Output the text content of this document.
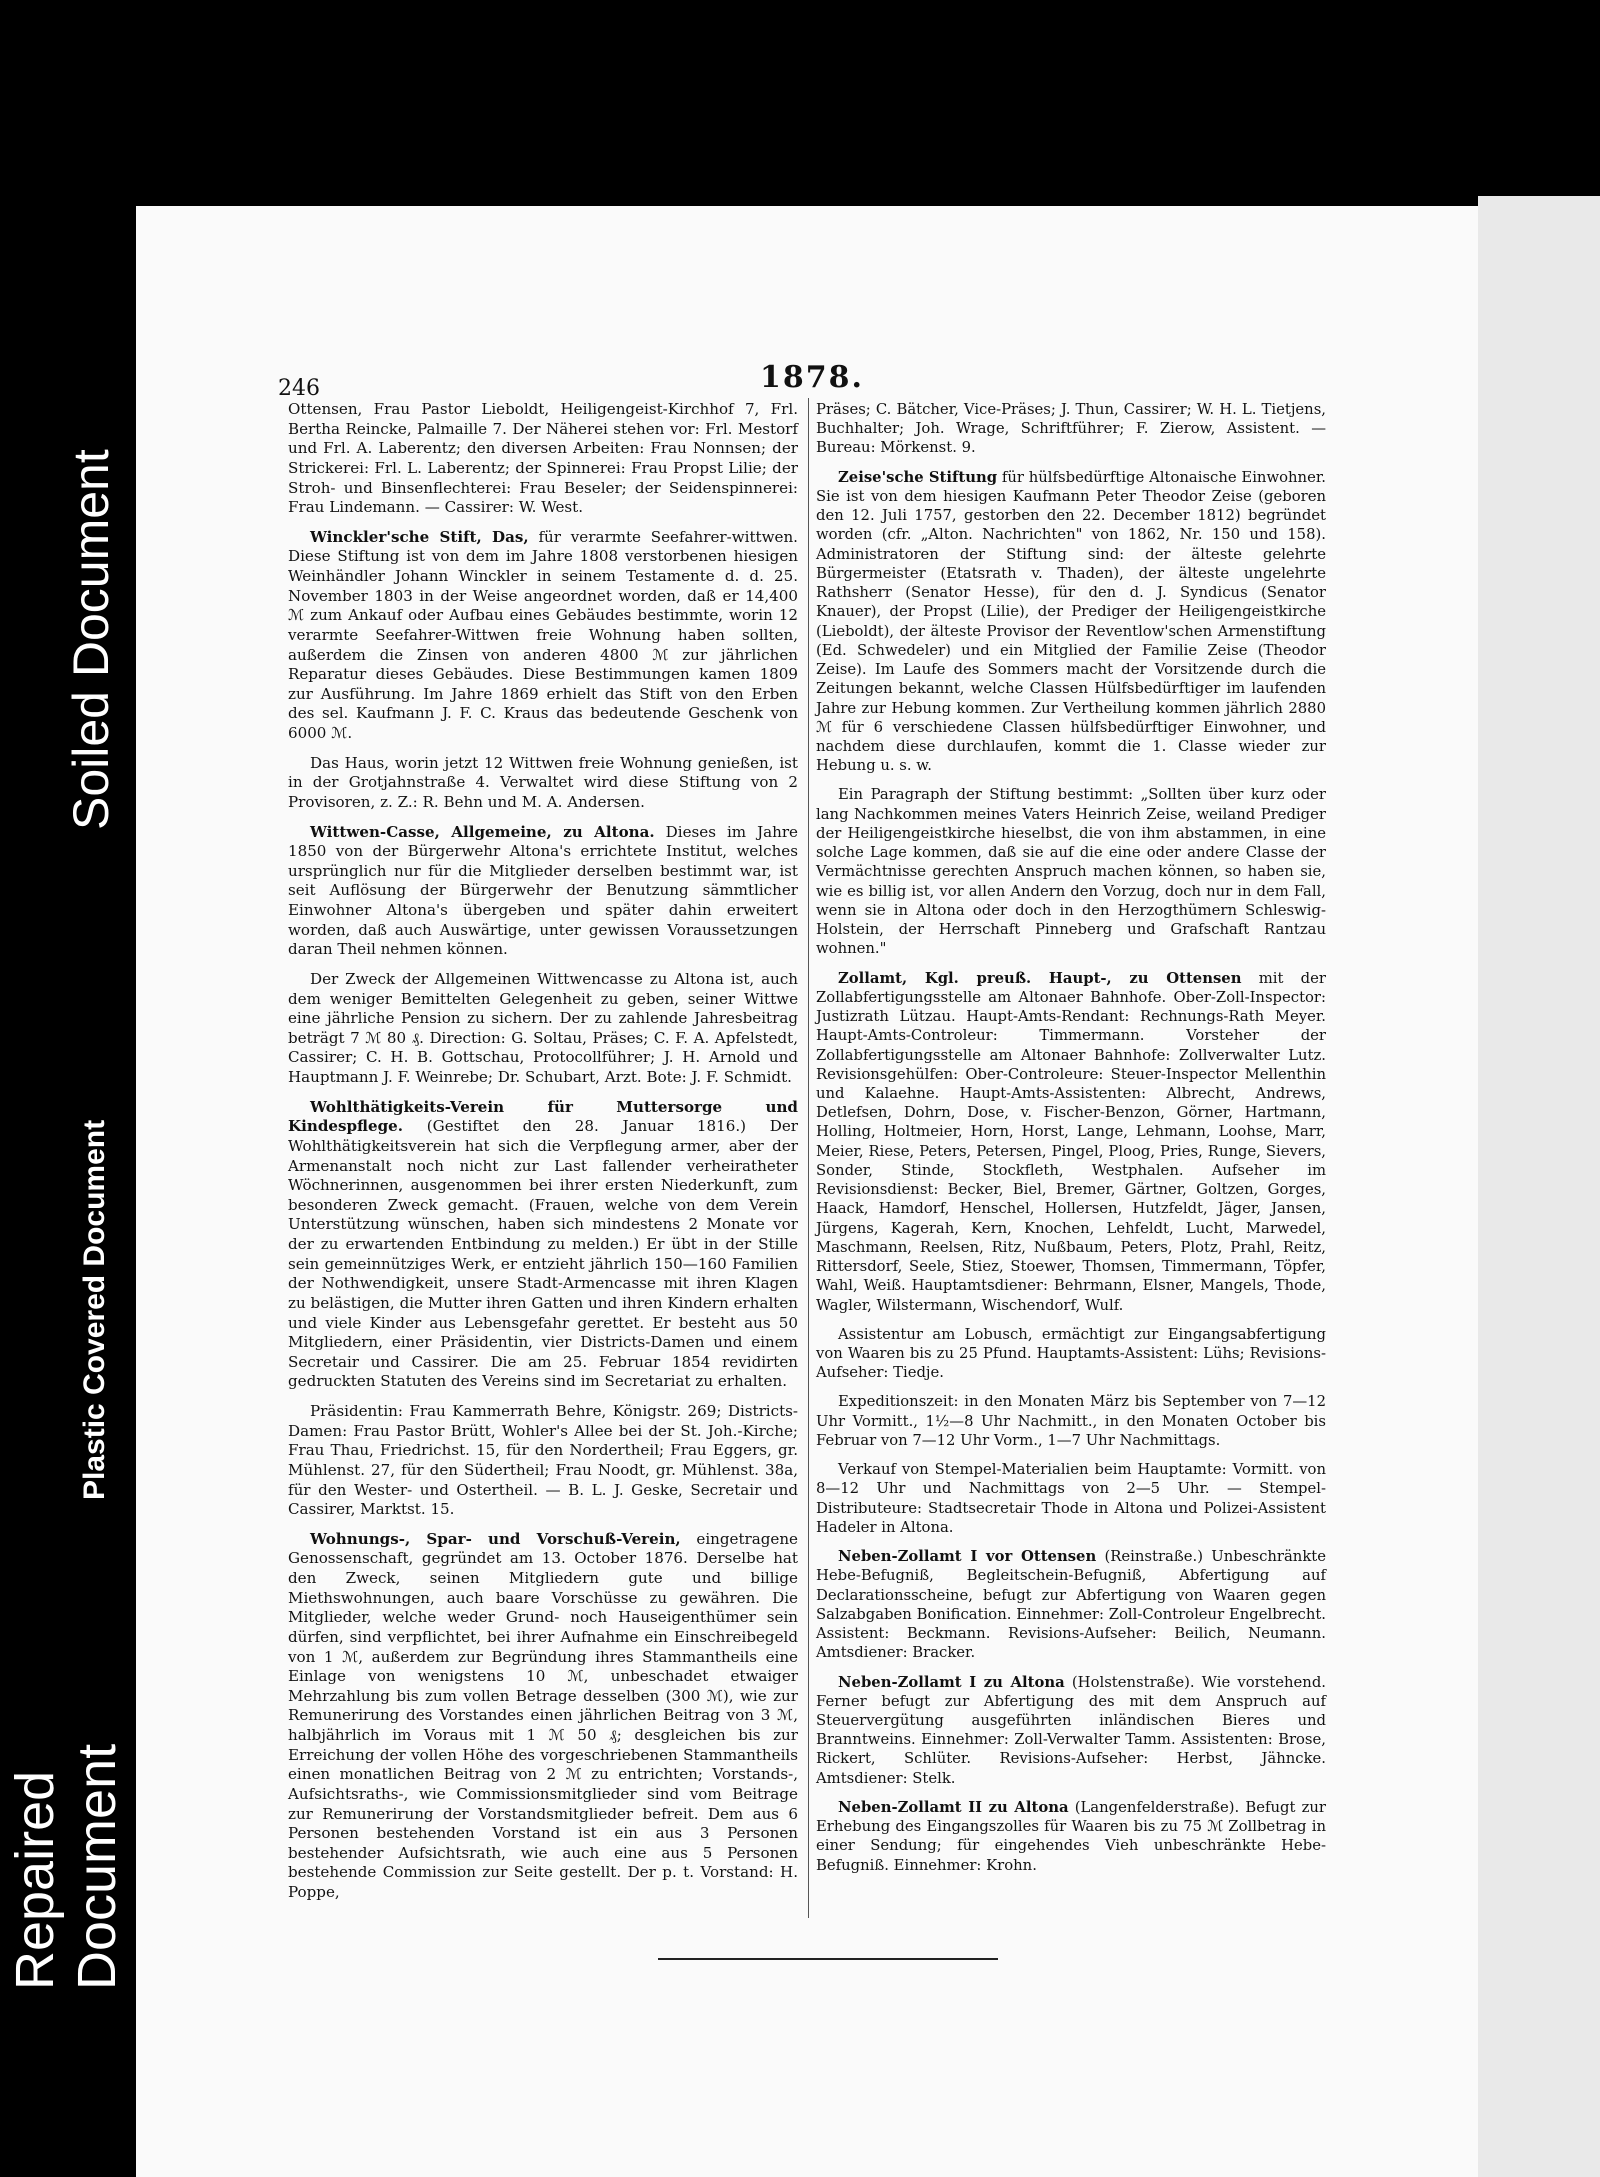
Soiled Document
Plastic Covered Document
Repaired Document
246	1878.

Ottensen, Frau Pastor Lieboldt, Heiligengeist-Kirchhof 7, Frl. Bertha Reincke, Palmaille 7. Der Näherei stehen vor: Frl. Mestorf und Frl. A. Laberentz; den diversen Arbeiten: Frau Nonnsen; der Strickerei: Frl. L. Laberentz; der Spinnerei: Frau Propst Lilie; der Stroh- und Binsenflechterei: Frau Beseler; der Seidenspinnerei: Frau Lindemann. — Cassirer: W. West.

Winckler'sche Stift, Das, für verarmte Seefahrer-wittwen. Diese Stiftung ist von dem im Jahre 1808 verstorbenen hiesigen Weinhändler Johann Winckler in seinem Testamente d. d. 25. November 1803 in der Weise angeordnet worden, daß er 14,400 ℳ zum Ankauf oder Aufbau eines Gebäudes bestimmte, worin 12 verarmte Seefahrer-Wittwen freie Wohnung haben sollten, außerdem die Zinsen von anderen 4800 ℳ zur jährlichen Reparatur dieses Gebäudes. Diese Bestimmungen kamen 1809 zur Ausführung. Im Jahre 1869 erhielt das Stift von den Erben des sel. Kaufmann J. F. C. Kraus das bedeutende Geschenk von 6000 ℳ.

Das Haus, worin jetzt 12 Wittwen freie Wohnung genießen, ist in der Grotjahnstraße 4. Verwaltet wird diese Stiftung von 2 Provisoren, z. Z.: R. Behn und M. A. Andersen.

Wittwen-Casse, Allgemeine, zu Altona. Dieses im Jahre 1850 von der Bürgerwehr Altona's errichtete Institut, welches ursprünglich nur für die Mitglieder derselben bestimmt war, ist seit Auflösung der Bürgerwehr der Benutzung sämmtlicher Einwohner Altona's übergeben und später dahin erweitert worden, daß auch Auswärtige, unter gewissen Voraussetzungen daran Theil nehmen können.

Der Zweck der Allgemeinen Wittwencasse zu Altona ist, auch dem weniger Bemittelten Gelegenheit zu geben, seiner Wittwe eine jährliche Pension zu sichern. Der zu zahlende Jahresbeitrag beträgt 7 ℳ 80 ₰. Direction: G. Soltau, Präses; C. F. A. Apfelstedt, Cassirer; C. H. B. Gottschau, Protocollführer; J. H. Arnold und Hauptmann J. F. Weinrebe; Dr. Schubart, Arzt. Bote: J. F. Schmidt.

Wohlthätigkeits-Verein für Muttersorge und Kindespflege. (Gestiftet den 28. Januar 1816.) Der Wohlthätigkeitsverein hat sich die Verpflegung armer, aber der Armenanstalt noch nicht zur Last fallender verheiratheter Wöchnerinnen, ausgenommen bei ihrer ersten Niederkunft, zum besonderen Zweck gemacht. (Frauen, welche von dem Verein Unterstützung wünschen, haben sich mindestens 2 Monate vor der zu erwartenden Entbindung zu melden.) Er übt in der Stille sein gemeinnütziges Werk, er entzieht jährlich 150—160 Familien der Nothwendigkeit, unsere Stadt-Armencasse mit ihren Klagen zu belästigen, die Mutter ihren Gatten und ihren Kindern erhalten und viele Kinder aus Lebensgefahr gerettet. Er besteht aus 50 Mitgliedern, einer Präsidentin, vier Districts-Damen und einem Secretair und Cassirer. Die am 25. Februar 1854 revidirten gedruckten Statuten des Vereins sind im Secretariat zu erhalten.

Präsidentin: Frau Kammerrath Behre, Königstr. 269; Districts-Damen: Frau Pastor Brütt, Wohler's Allee bei der St. Joh.-Kirche; Frau Thau, Friedrichst. 15, für den Nordertheil; Frau Eggers, gr. Mühlenst. 27, für den Südertheil; Frau Noodt, gr. Mühlenst. 38a, für den Wester- und Ostertheil. — B. L. J. Geske, Secretair und Cassirer, Marktst. 15.

Wohnungs-, Spar- und Vorschuß-Verein, eingetragene Genossenschaft, gegründet am 13. October 1876. Derselbe hat den Zweck, seinen Mitgliedern gute und billige Miethswohnungen, auch baare Vorschüsse zu gewähren. Die Mitglieder, welche weder Grund- noch Hauseigenthümer sein dürfen, sind verpflichtet, bei ihrer Aufnahme ein Einschreibegeld von 1 ℳ, außerdem zur Begründung ihres Stammantheils eine Einlage von wenigstens 10 ℳ, unbeschadet etwaiger Mehrzahlung bis zum vollen Betrage desselben (300 ℳ), wie zur Remunerirung des Vorstandes einen jährlichen Beitrag von 3 ℳ, halbjährlich im Voraus mit 1 ℳ 50 ₰; desgleichen bis zur Erreichung der vollen Höhe des vorgeschriebenen Stammantheils einen monatlichen Beitrag von 2 ℳ zu entrichten; Vorstands-, Aufsichtsraths-, wie Commissionsmitglieder sind vom Beitrage zur Remunerirung der Vorstandsmitglieder befreit. Dem aus 6 Personen bestehenden Vorstand ist ein aus 3 Personen bestehender Aufsichtsrath, wie auch eine aus 5 Personen bestehende Commission zur Seite gestellt. Der p. t. Vorstand: H. Poppe,

Präses; C. Bätcher, Vice-Präses; J. Thun, Cassirer; W. H. L. Tietjens, Buchhalter; Joh. Wrage, Schriftführer; F. Zierow, Assistent. — Bureau: Mörkenst. 9.

Zeise'sche Stiftung für hülfsbedürftige Altonaische Einwohner. Sie ist von dem hiesigen Kaufmann Peter Theodor Zeise (geboren den 12. Juli 1757, gestorben den 22. December 1812) begründet worden (cfr. „Alton. Nachrichten" von 1862, Nr. 150 und 158). Administratoren der Stiftung sind: der älteste gelehrte Bürgermeister (Etatsrath v. Thaden), der älteste ungelehrte Rathsherr (Senator Hesse), für den d. J. Syndicus (Senator Knauer), der Propst (Lilie), der Prediger der Heiligengeistkirche (Lieboldt), der älteste Provisor der Reventlow'schen Armenstiftung (Ed. Schwedeler) und ein Mitglied der Familie Zeise (Theodor Zeise). Im Laufe des Sommers macht der Vorsitzende durch die Zeitungen bekannt, welche Classen Hülfsbedürftiger im laufenden Jahre zur Hebung kommen. Zur Vertheilung kommen jährlich 2880 ℳ für 6 verschiedene Classen hülfsbedürftiger Einwohner, und nachdem diese durchlaufen, kommt die 1. Classe wieder zur Hebung u. s. w.

Ein Paragraph der Stiftung bestimmt: „Sollten über kurz oder lang Nachkommen meines Vaters Heinrich Zeise, weiland Prediger der Heiligengeistkirche hieselbst, die von ihm abstammen, in eine solche Lage kommen, daß sie auf die eine oder andere Classe der Vermächtnisse gerechten Anspruch machen können, so haben sie, wie es billig ist, vor allen Andern den Vorzug, doch nur in dem Fall, wenn sie in Altona oder doch in den Herzogthümern Schleswig-Holstein, der Herrschaft Pinneberg und Grafschaft Rantzau wohnen."

Zollamt, Kgl. preuß. Haupt-, zu Ottensen mit der Zollabfertigungsstelle am Altonaer Bahnhofe. Ober-Zoll-Inspector: Justizrath Lützau. Haupt-Amts-Rendant: Rechnungs-Rath Meyer. Haupt-Amts-Controleur: Timmermann. Vorsteher der Zollabfertigungsstelle am Altonaer Bahnhofe: Zollverwalter Lutz. Revisionsgehülfen: Ober-Controleure: Steuer-Inspector Mellenthin und Kalaehne. Haupt-Amts-Assistenten: Albrecht, Andrews, Detlefsen, Dohrn, Dose, v. Fischer-Benzon, Görner, Hartmann, Holling, Holtmeier, Horn, Horst, Lange, Lehmann, Loohse, Marr, Meier, Riese, Peters, Petersen, Pingel, Ploog, Pries, Runge, Sievers, Sonder, Stinde, Stockfleth, Westphalen. Aufseher im Revisionsdienst: Becker, Biel, Bremer, Gärtner, Goltzen, Gorges, Haack, Hamdorf, Henschel, Hollersen, Hutzfeldt, Jäger, Jansen, Jürgens, Kagerah, Kern, Knochen, Lehfeldt, Lucht, Marwedel, Maschmann, Reelsen, Ritz, Nußbaum, Peters, Plotz, Prahl, Reitz, Rittersdorf, Seele, Stiez, Stoewer, Thomsen, Timmermann, Töpfer, Wahl, Weiß. Hauptamtsdiener: Behrmann, Elsner, Mangels, Thode, Wagler, Wilstermann, Wischendorf, Wulf.

Assistentur am Lobusch, ermächtigt zur Eingangsabfertigung von Waaren bis zu 25 Pfund. Hauptamts-Assistent: Lühs; Revisions-Aufseher: Tiedje.

Expeditionszeit: in den Monaten März bis September von 7—12 Uhr Vormitt., 1½—8 Uhr Nachmitt., in den Monaten October bis Februar von 7—12 Uhr Vorm., 1—7 Uhr Nachmittags.

Verkauf von Stempel-Materialien beim Hauptamte: Vormitt. von 8—12 Uhr und Nachmittags von 2—5 Uhr. — Stempel-Distributeure: Stadtsecretair Thode in Altona und Polizei-Assistent Hadeler in Altona.

Neben-Zollamt I vor Ottensen (Reinstraße.) Unbeschränkte Hebe-Befugniß, Begleitschein-Befugniß, Abfertigung auf Declarationsscheine, befugt zur Abfertigung von Waaren gegen Salzabgaben Bonification. Einnehmer: Zoll-Controleur Engelbrecht. Assistent: Beckmann. Revisions-Aufseher: Beilich, Neumann. Amtsdiener: Bracker.

Neben-Zollamt I zu Altona (Holstenstraße). Wie vorstehend. Ferner befugt zur Abfertigung des mit dem Anspruch auf Steuervergütung ausgeführten inländischen Bieres und Branntweins. Einnehmer: Zoll-Verwalter Tamm. Assistenten: Brose, Rickert, Schlüter. Revisions-Aufseher: Herbst, Jähncke. Amtsdiener: Stelk.

Neben-Zollamt II zu Altona (Langenfelderstraße). Befugt zur Erhebung des Eingangszolles für Waaren bis zu 75 ℳ Zollbetrag in einer Sendung; für eingehendes Vieh unbeschränkte Hebe-Befugniß. Einnehmer: Krohn.
